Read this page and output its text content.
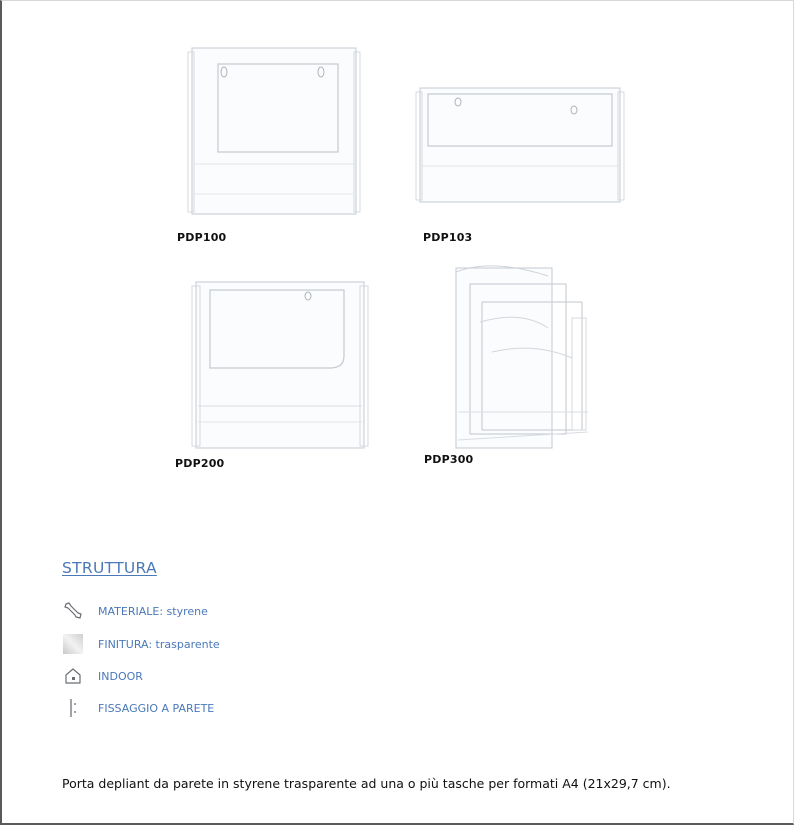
PDP100	PDP103
PDP200	PDP300
STRUTTURA
MATERIALE: styrene
FINITURA: trasparente
INDOOR
FISSAGGIO A PARETE
Porta depliant da parete in styrene trasparente ad una o più tasche per formati A4 (21x29,7 cm).
